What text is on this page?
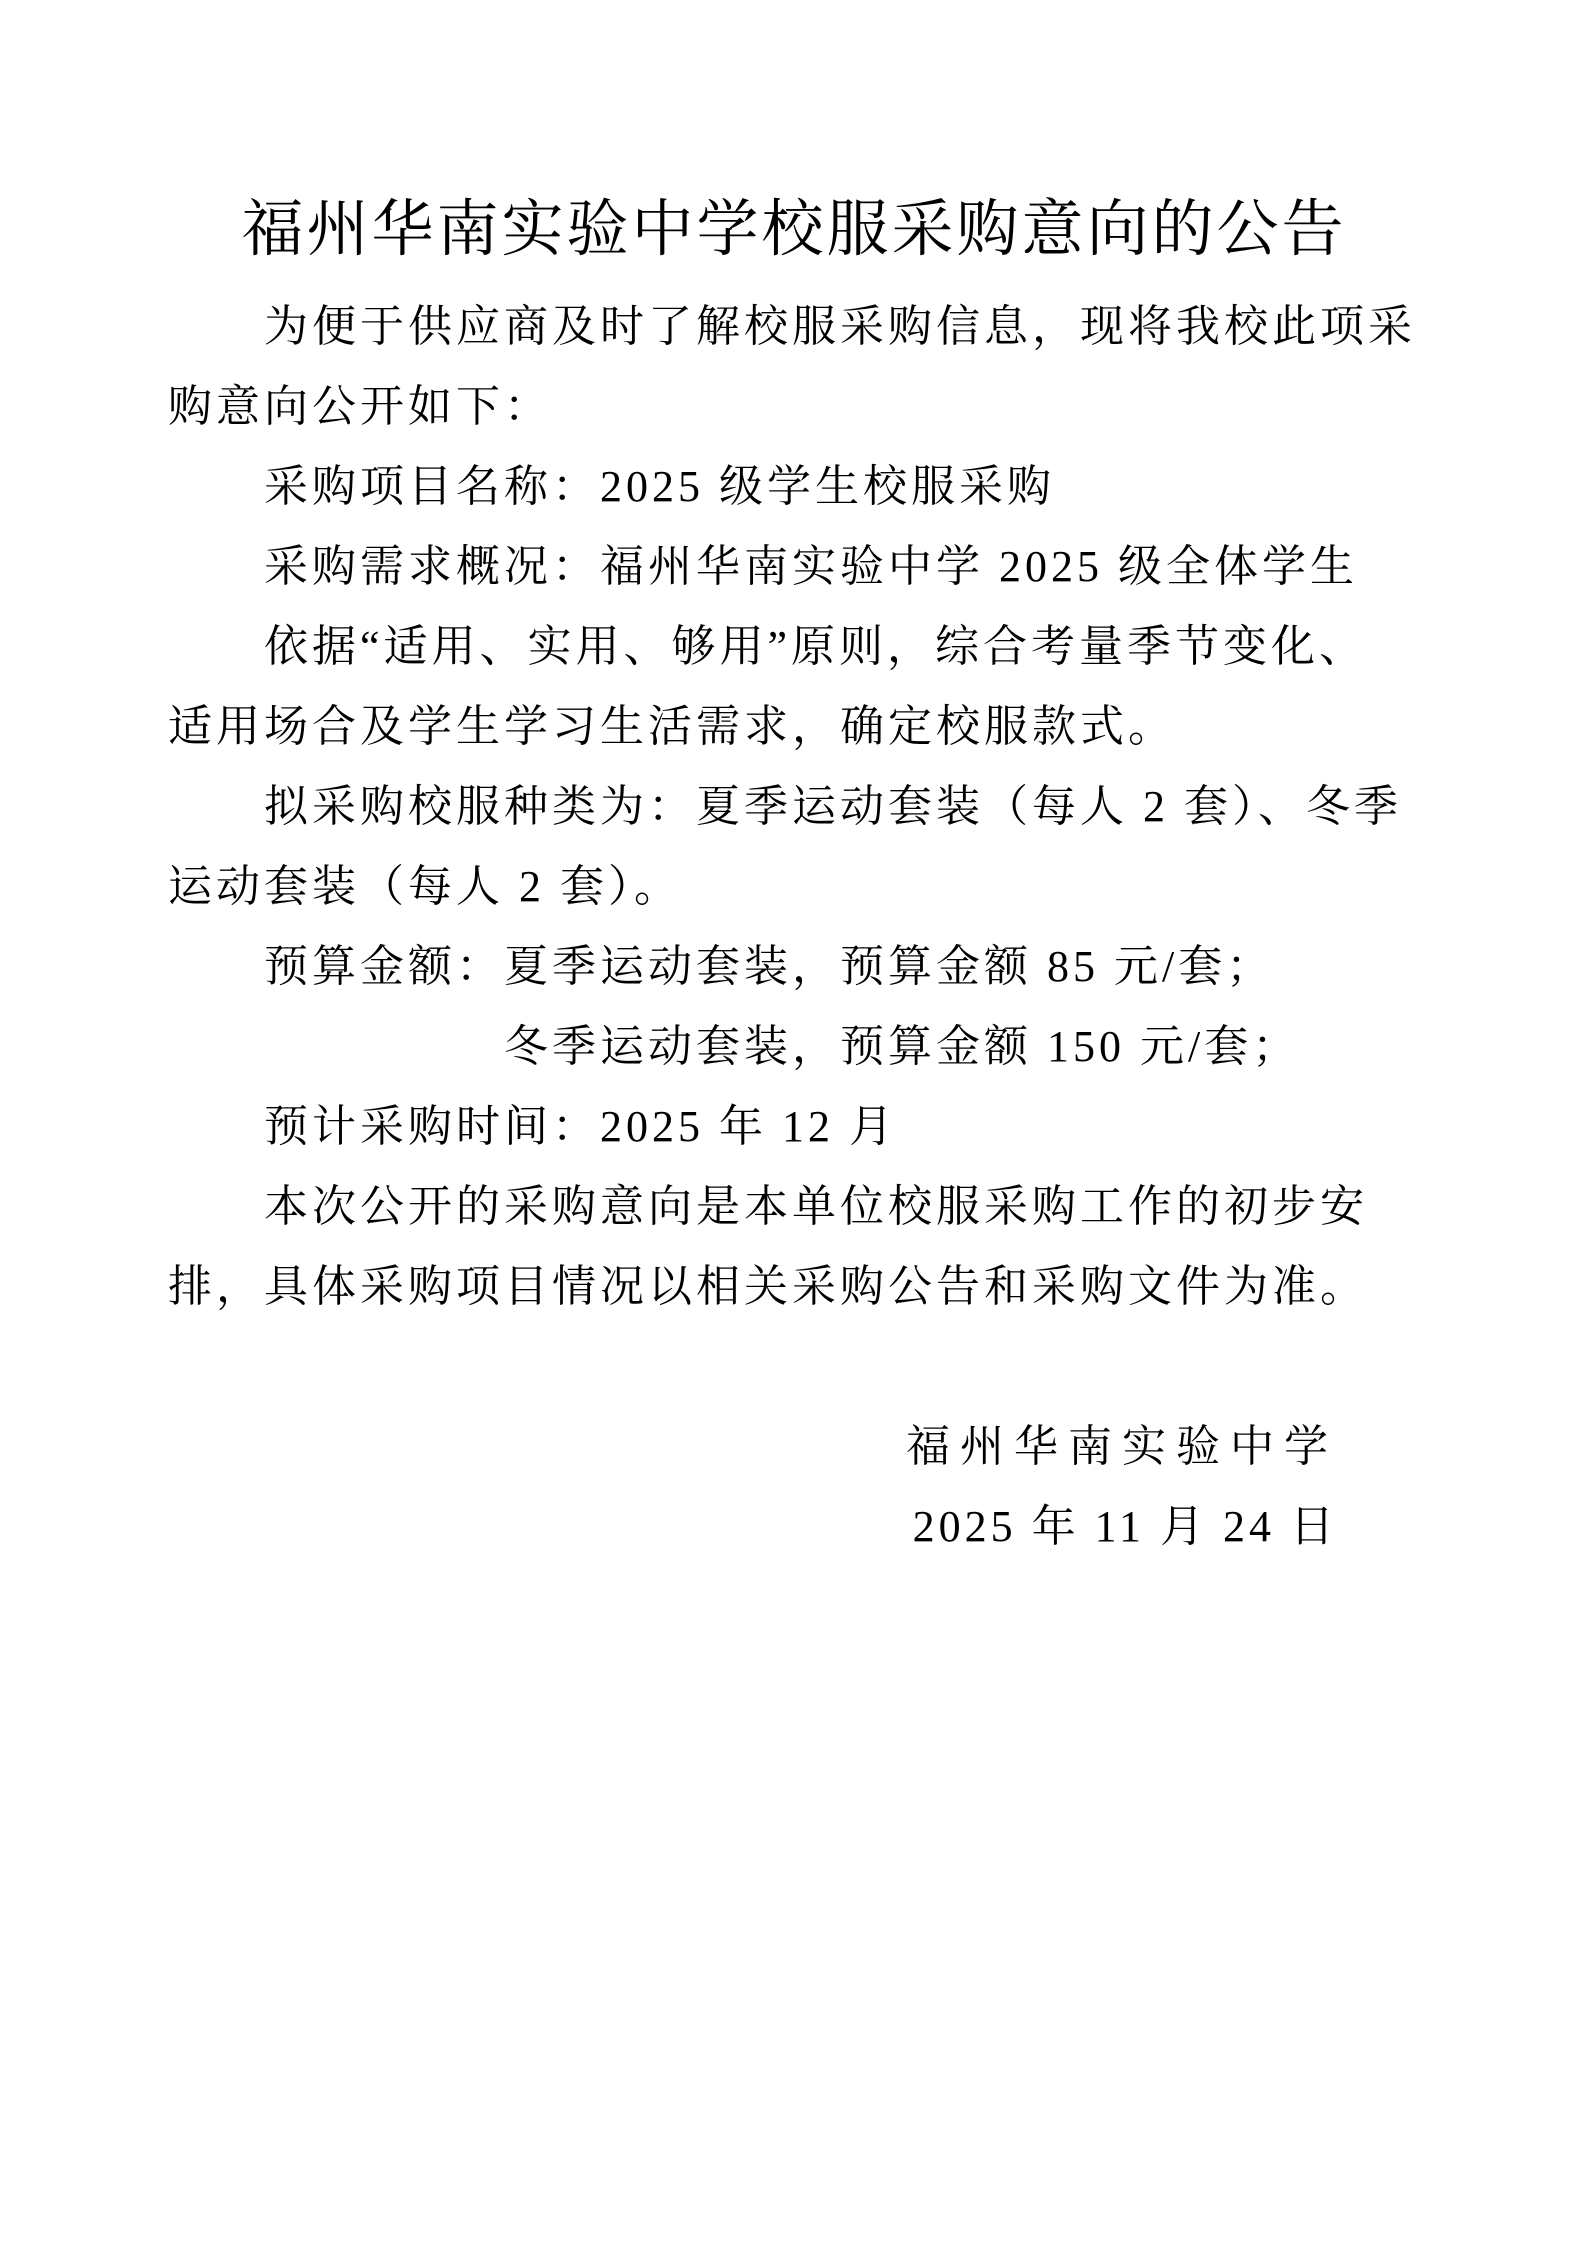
福州华南实验中学校服采购意向的公告
为便于供应商及时了解校服采购信息，现将我校此项采
购意向公开如下：
采购项目名称：2025 级学生校服采购
采购需求概况：福州华南实验中学 2025 级全体学生
依据“适用、实用、够用”原则，综合考量季节变化、
适用场合及学生学习生活需求，确定校服款式。
拟采购校服种类为：夏季运动套装（每人 2 套）、冬季
运动套装（每人 2 套）。
预算金额：夏季运动套装，预算金额 85 元/套；
冬季运动套装，预算金额 150 元/套；
预计采购时间：2025 年 12 月
本次公开的采购意向是本单位校服采购工作的初步安
排，具体采购项目情况以相关采购公告和采购文件为准。
福州华南实验中学
2025 年 11 月 24 日
